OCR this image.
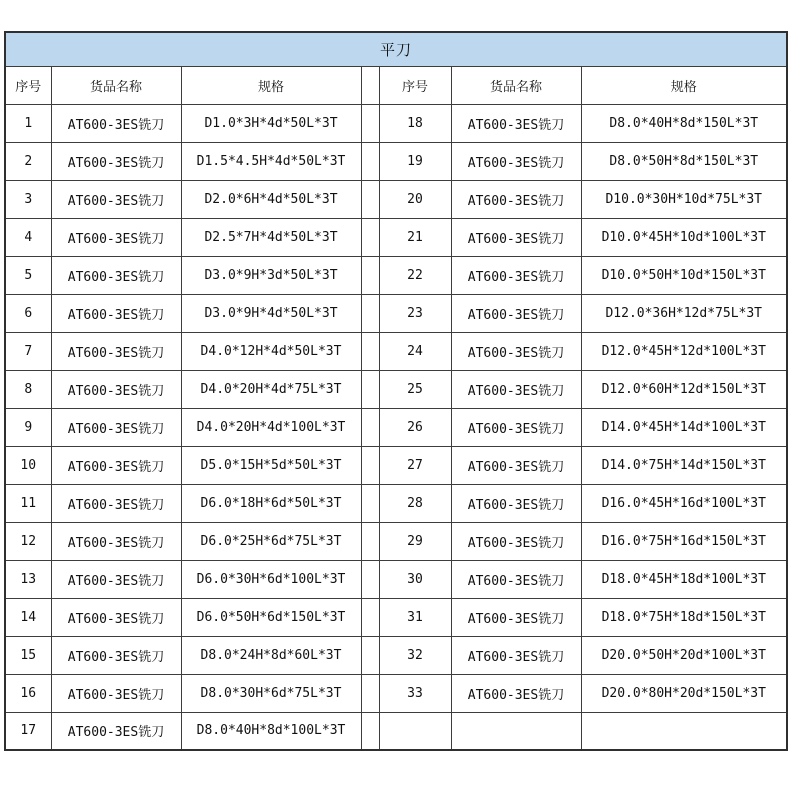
平刀						
序号	货品名称	规格		序号	货品名称	规格
1	AT600-3ES铣刀	D1.0*3H*4d*50L*3T		18	AT600-3ES铣刀	D8.0*40H*8d*150L*3T
2	AT600-3ES铣刀	D1.5*4.5H*4d*50L*3T		19	AT600-3ES铣刀	D8.0*50H*8d*150L*3T
3	AT600-3ES铣刀	D2.0*6H*4d*50L*3T		20	AT600-3ES铣刀	D10.0*30H*10d*75L*3T
4	AT600-3ES铣刀	D2.5*7H*4d*50L*3T		21	AT600-3ES铣刀	D10.0*45H*10d*100L*3T
5	AT600-3ES铣刀	D3.0*9H*3d*50L*3T		22	AT600-3ES铣刀	D10.0*50H*10d*150L*3T
6	AT600-3ES铣刀	D3.0*9H*4d*50L*3T		23	AT600-3ES铣刀	D12.0*36H*12d*75L*3T
7	AT600-3ES铣刀	D4.0*12H*4d*50L*3T		24	AT600-3ES铣刀	D12.0*45H*12d*100L*3T
8	AT600-3ES铣刀	D4.0*20H*4d*75L*3T		25	AT600-3ES铣刀	D12.0*60H*12d*150L*3T
9	AT600-3ES铣刀	D4.0*20H*4d*100L*3T		26	AT600-3ES铣刀	D14.0*45H*14d*100L*3T
10	AT600-3ES铣刀	D5.0*15H*5d*50L*3T		27	AT600-3ES铣刀	D14.0*75H*14d*150L*3T
11	AT600-3ES铣刀	D6.0*18H*6d*50L*3T		28	AT600-3ES铣刀	D16.0*45H*16d*100L*3T
12	AT600-3ES铣刀	D6.0*25H*6d*75L*3T		29	AT600-3ES铣刀	D16.0*75H*16d*150L*3T
13	AT600-3ES铣刀	D6.0*30H*6d*100L*3T		30	AT600-3ES铣刀	D18.0*45H*18d*100L*3T
14	AT600-3ES铣刀	D6.0*50H*6d*150L*3T		31	AT600-3ES铣刀	D18.0*75H*18d*150L*3T
15	AT600-3ES铣刀	D8.0*24H*8d*60L*3T		32	AT600-3ES铣刀	D20.0*50H*20d*100L*3T
16	AT600-3ES铣刀	D8.0*30H*6d*75L*3T		33	AT600-3ES铣刀	D20.0*80H*20d*150L*3T
17	AT600-3ES铣刀	D8.0*40H*8d*100L*3T				
